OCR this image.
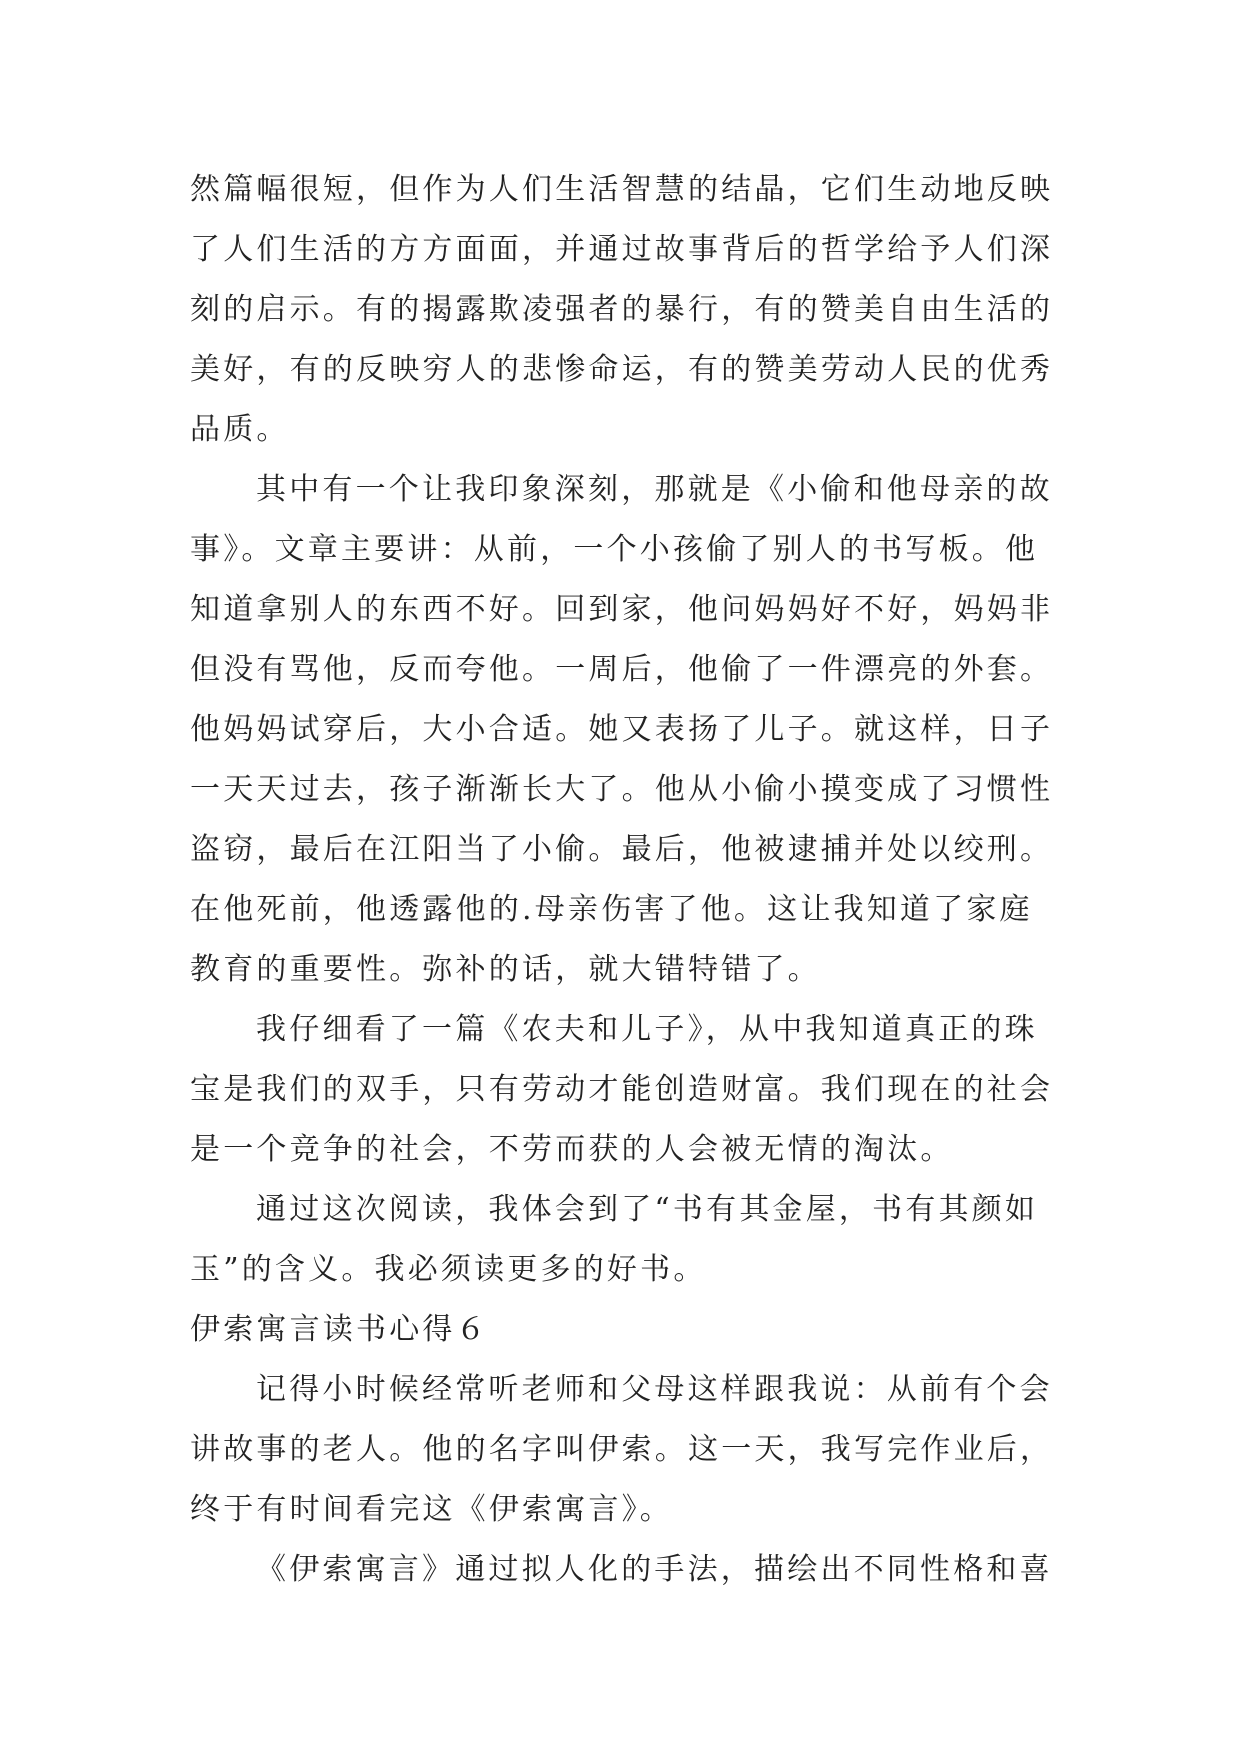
然篇幅很短，但作为人们生活智慧的结晶，它们生动地反映
了人们生活的方方面面，并通过故事背后的哲学给予人们深
刻的启示。有的揭露欺凌强者的暴行，有的赞美自由生活的
美好，有的反映穷人的悲惨命运，有的赞美劳动人民的优秀
品质。
其中有一个让我印象深刻，那就是《小偷和他母亲的故
事》。文章主要讲：从前，一个小孩偷了别人的书写板。他
知道拿别人的东西不好。回到家，他问妈妈好不好，妈妈非
但没有骂他，反而夸他。一周后，他偷了一件漂亮的外套。
他妈妈试穿后，大小合适。她又表扬了儿子。就这样，日子
一天天过去，孩子渐渐长大了。他从小偷小摸变成了习惯性
盗窃，最后在江阳当了小偷。最后，他被逮捕并处以绞刑。
在他死前，他透露他的.母亲伤害了他。这让我知道了家庭
教育的重要性。弥补的话，就大错特错了。
我仔细看了一篇《农夫和儿子》，从中我知道真正的珠
宝是我们的双手，只有劳动才能创造财富。我们现在的社会
是一个竞争的社会，不劳而获的人会被无情的淘汰。
通过这次阅读，我体会到了“书有其金屋，书有其颜如
玉”的含义。我必须读更多的好书。
伊索寓言读书心得６
记得小时候经常听老师和父母这样跟我说：从前有个会
讲故事的老人。他的名字叫伊索。这一天，我写完作业后，
终于有时间看完这《伊索寓言》。
《伊索寓言》通过拟人化的手法，描绘出不同性格和喜
